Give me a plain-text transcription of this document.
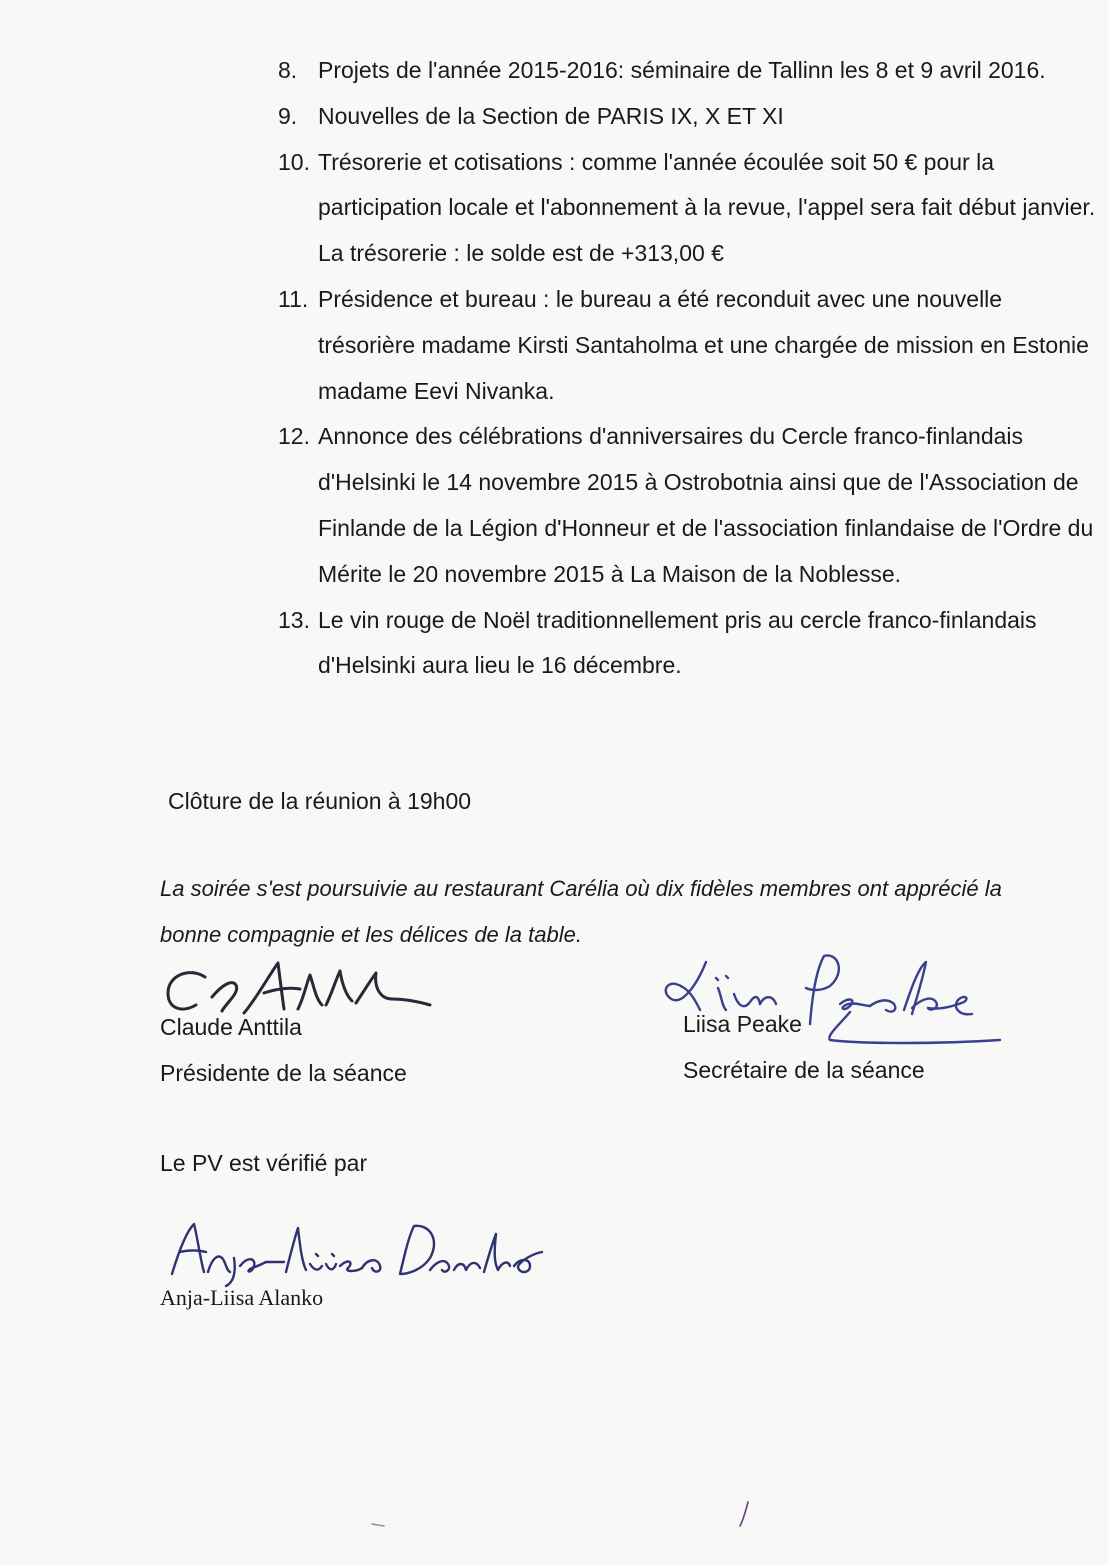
8. Projets de l'année 2015-2016: séminaire de Tallinn les 8 et 9 avril 2016.
9. Nouvelles de la Section de PARIS IX, X ET XI
10. Trésorerie et cotisations : comme l'année écoulée soit 50 € pour la participation locale et l'abonnement à la revue, l'appel sera fait début janvier. La trésorerie : le solde est de +313,00 €
11. Présidence et bureau : le bureau a été reconduit avec une nouvelle trésorière madame Kirsti Santaholma et une chargée de mission en Estonie madame Eevi Nivanka.
12. Annonce des célébrations d'anniversaires du Cercle franco-finlandais d'Helsinki le 14 novembre 2015 à Ostrobotnia ainsi que de l'Association de Finlande de la Légion d'Honneur et de l'association finlandaise de l'Ordre du Mérite le 20 novembre 2015 à La Maison de la Noblesse.
13. Le vin rouge de Noël traditionnellement pris au cercle franco-finlandais d'Helsinki aura lieu le 16 décembre.
Clôture de la réunion à 19h00

La soirée s'est poursuivie au restaurant Carélia où dix fidèles membres ont apprécié la bonne compagnie et les délices de la table.

Claude Anttila
Présidente de la séance
Liisa Peake
Secrétaire de la séance
Le PV est vérifié par
Anja-Liisa Alanko
